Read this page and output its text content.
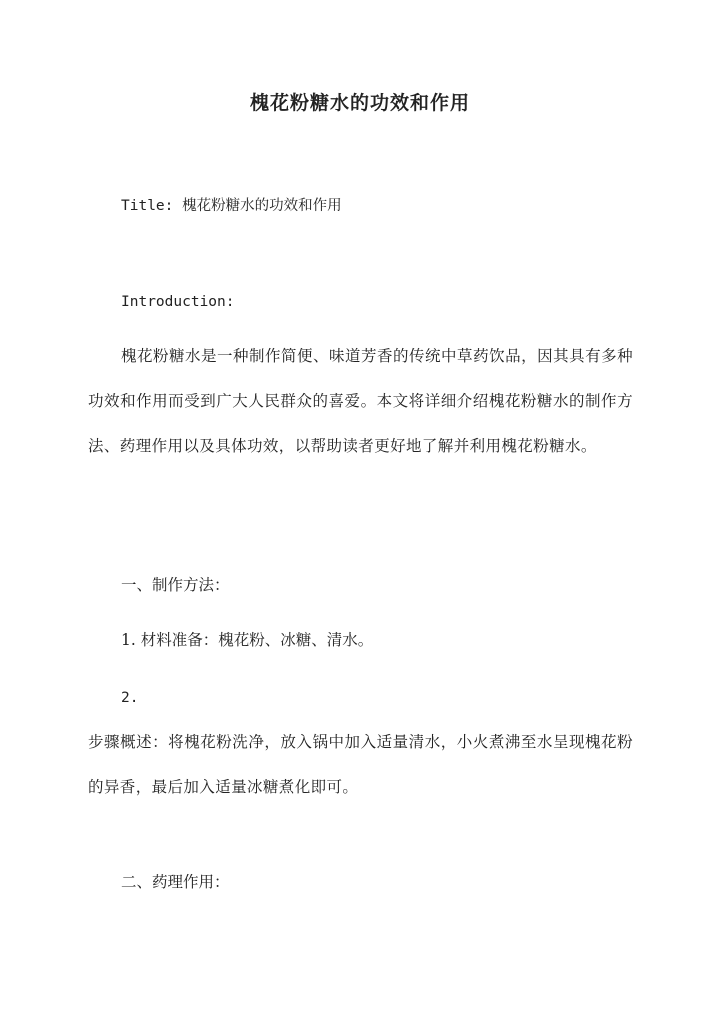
槐花粉糖水的功效和作用

Title: 槐花粉糖水的功效和作用

Introduction:

槐花粉糖水是一种制作简便、味道芳香的传统中草药饮品，因其具有多种功效和作用而受到广大人民群众的喜爱。本文将详细介绍槐花粉糖水的制作方法、药理作用以及具体功效，以帮助读者更好地了解并利用槐花粉糖水。

一、制作方法：

1. 材料准备：槐花粉、冰糖、清水。

2.

步骤概述：将槐花粉洗净，放入锅中加入适量清水，小火煮沸至水呈现槐花粉的异香，最后加入适量冰糖煮化即可。

二、药理作用：
